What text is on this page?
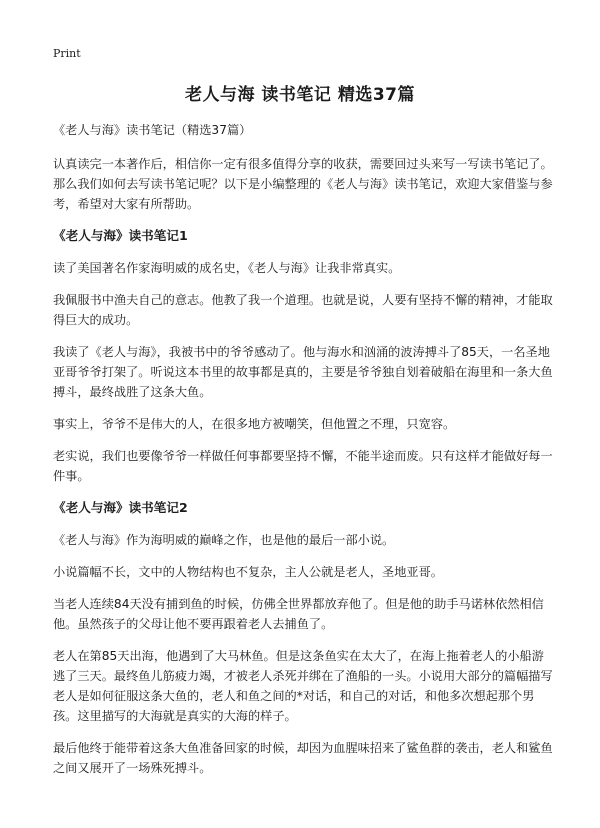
Print
老人与海 读书笔记 精选37篇

《老人与海》读书笔记（精选37篇）

认真读完一本著作后，相信你一定有很多值得分享的收获，需要回过头来写一写读书笔记了。那么我们如何去写读书笔记呢？以下是小编整理的《老人与海》读书笔记，欢迎大家借鉴与参考，希望对大家有所帮助。

《老人与海》读书笔记1

读了美国著名作家海明威的成名史，《老人与海》让我非常真实。

我佩服书中渔夫自己的意志。他教了我一个道理。也就是说，人要有坚持不懈的精神，才能取得巨大的成功。

我读了《老人与海》，我被书中的爷爷感动了。他与海水和汹涌的波涛搏斗了85天，一名圣地亚哥爷爷打架了。听说这本书里的故事都是真的，主要是爷爷独自划着破船在海里和一条大鱼搏斗，最终战胜了这条大鱼。

事实上，爷爷不是伟大的人，在很多地方被嘲笑，但他置之不理，只宽容。

老实说，我们也要像爷爷一样做任何事都要坚持不懈，不能半途而废。只有这样才能做好每一件事。

《老人与海》读书笔记2

《老人与海》作为海明威的巅峰之作，也是他的最后一部小说。

小说篇幅不长，文中的人物结构也不复杂，主人公就是老人，圣地亚哥。

当老人连续84天没有捕到鱼的时候，仿佛全世界都放弃他了。但是他的助手马诺林依然相信他。虽然孩子的父母让他不要再跟着老人去捕鱼了。

老人在第85天出海，他遇到了大马林鱼。但是这条鱼实在太大了，在海上拖着老人的小船游逃了三天。最终鱼儿筋疲力竭，才被老人杀死并绑在了渔船的一头。小说用大部分的篇幅描写老人是如何征服这条大鱼的，老人和鱼之间的*对话，和自己的对话，和他多次想起那个男孩。这里描写的大海就是真实的大海的样子。

最后他终于能带着这条大鱼准备回家的时候，却因为血腥味招来了鲨鱼群的袭击，老人和鲨鱼之间又展开了一场殊死搏斗。
